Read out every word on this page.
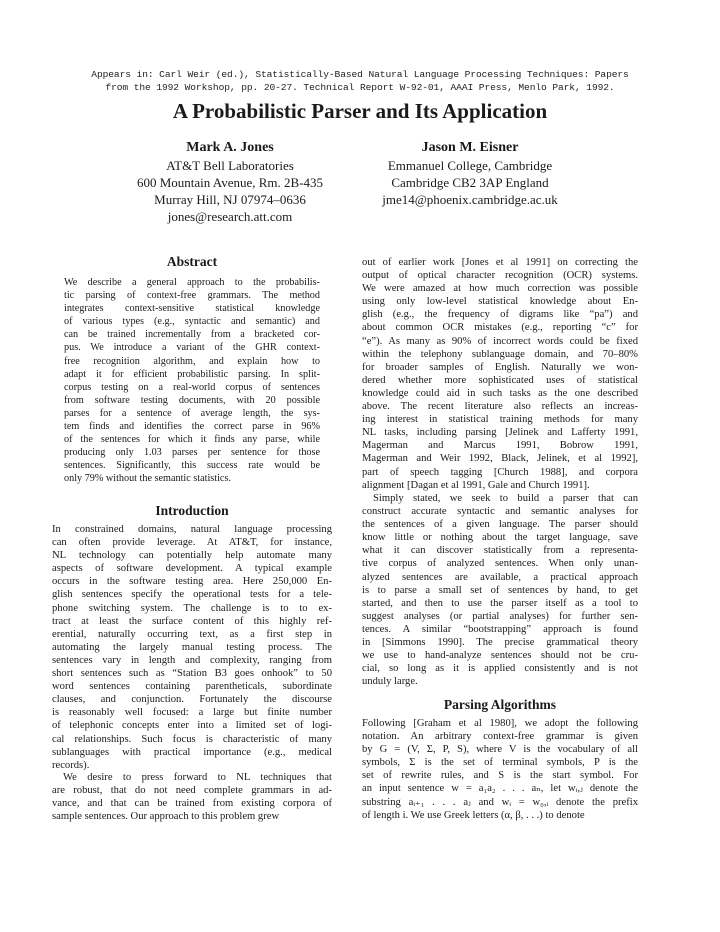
Appears in: Carl Weir (ed.), Statistically-Based Natural Language Processing Techniques: Papers
from the 1992 Workshop, pp. 20-27. Technical Report W-92-01, AAAI Press, Menlo Park, 1992.
A Probabilistic Parser and Its Application
Mark A. Jones
AT&T Bell Laboratories
600 Mountain Avenue, Rm. 2B-435
Murray Hill, NJ 07974–0636
jones@research.att.com
Jason M. Eisner
Emmanuel College, Cambridge
Cambridge CB2 3AP England
jme14@phoenix.cambridge.ac.uk
Abstract
We describe a general approach to the probabilis-
tic parsing of context-free grammars. The method
integrates context-sensitive statistical knowledge
of various types (e.g., syntactic and semantic) and
can be trained incrementally from a bracketed cor-
pus. We introduce a variant of the GHR context-
free recognition algorithm, and explain how to
adapt it for efficient probabilistic parsing. In split-
corpus testing on a real-world corpus of sentences
from software testing documents, with 20 possible
parses for a sentence of average length, the sys-
tem finds and identifies the correct parse in 96%
of the sentences for which it finds any parse, while
producing only 1.03 parses per sentence for those
sentences. Significantly, this success rate would be
only 79% without the semantic statistics.
Introduction
In constrained domains, natural language processing
can often provide leverage. At AT&T, for instance,
NL technology can potentially help automate many
aspects of software development. A typical example
occurs in the software testing area. Here 250,000 En-
glish sentences specify the operational tests for a tele-
phone switching system. The challenge is to to ex-
tract at least the surface content of this highly ref-
erential, naturally occurring text, as a first step in
automating the largely manual testing process. The
sentences vary in length and complexity, ranging from
short sentences such as “Station B3 goes onhook” to 50
word sentences containing parentheticals, subordinate
clauses, and conjunction. Fortunately the discourse
is reasonably well focused: a large but finite number
of telephonic concepts enter into a limited set of logi-
cal relationships. Such focus is characteristic of many
sublanguages with practical importance (e.g., medical
records).
We desire to press forward to NL techniques that
are robust, that do not need complete grammars in ad-
vance, and that can be trained from existing corpora of
sample sentences. Our approach to this problem grew
out of earlier work [Jones et al 1991] on correcting the
output of optical character recognition (OCR) systems.
We were amazed at how much correction was possible
using only low-level statistical knowledge about En-
glish (e.g., the frequency of digrams like “pa”) and
about common OCR mistakes (e.g., reporting “c” for
“e”). As many as 90% of incorrect words could be fixed
within the telephony sublanguage domain, and 70–80%
for broader samples of English. Naturally we won-
dered whether more sophisticated uses of statistical
knowledge could aid in such tasks as the one described
above. The recent literature also reflects an increas-
ing interest in statistical training methods for many
NL tasks, including parsing [Jelinek and Lafferty 1991,
Magerman and Marcus 1991, Bobrow 1991,
Magerman and Weir 1992, Black, Jelinek, et al 1992],
part of speech tagging [Church 1988], and corpora
alignment [Dagan et al 1991, Gale and Church 1991].
Simply stated, we seek to build a parser that can
construct accurate syntactic and semantic analyses for
the sentences of a given language. The parser should
know little or nothing about the target language, save
what it can discover statistically from a representa-
tive corpus of analyzed sentences. When only unan-
alyzed sentences are available, a practical approach
is to parse a small set of sentences by hand, to get
started, and then to use the parser itself as a tool to
suggest analyses (or partial analyses) for further sen-
tences. A similar “bootstrapping” approach is found
in [Simmons 1990]. The precise grammatical theory
we use to hand-analyze sentences should not be cru-
cial, so long as it is applied consistently and is not
unduly large.
Parsing Algorithms
Following [Graham et al 1980], we adopt the following
notation. An arbitrary context-free grammar is given
by G = (V, Σ, P, S), where V is the vocabulary of all
symbols, Σ is the set of terminal symbols, P is the
set of rewrite rules, and S is the start symbol. For
an input sentence w = a₁a₂ . . . aₙ, let wᵢ,ⱼ denote the
substring aᵢ₊₁ . . . aⱼ and wᵢ = w₀,ᵢ denote the prefix
of length i. We use Greek letters (α, β, . . .) to denote
